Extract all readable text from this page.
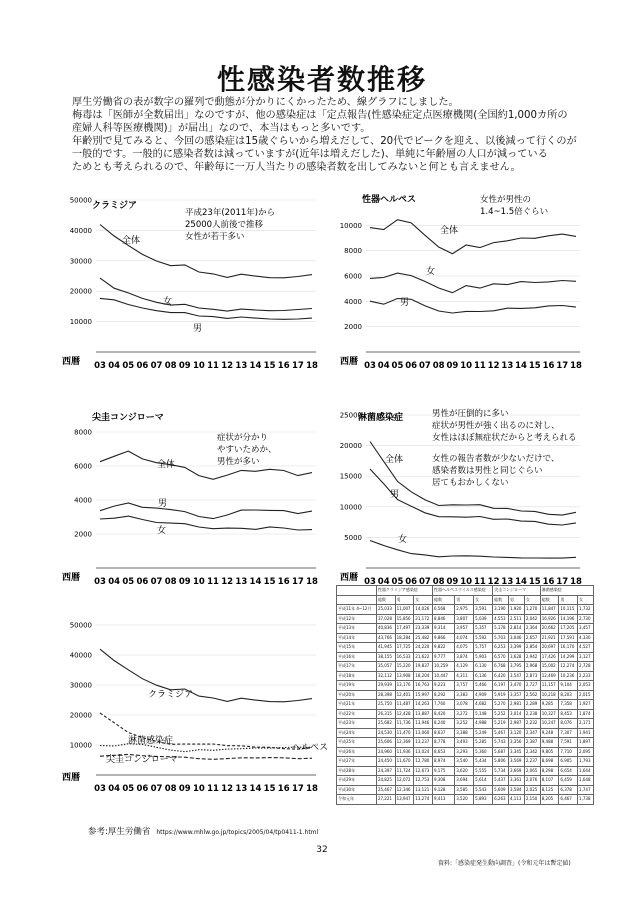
性感染者数推移

厚生労働省の表が数字の羅列で動態が分かりにくかったため、線グラフにしました。

梅毒は「医師が全数届出」なのですが、他の感染症は「定点報告(性感染症定点医療機関(全国約1,000カ所の

産婦人科等医療機関)」が届出」なので、本当はもっと多いです。

年齢別で見てみると、今回の感染症は15歳ぐらいから増えだして、20代でピークを迎え、以後減って行くのが

一般的です。一般的に感染者数は減っていますが(近年は増えだした)、単純に年齢層の人口が減っている

ためとも考えられるので、年齢毎に一万人当たりの感染者数を出してみないと何とも言えません。

10000
20000
30000
40000
50000
03 04 05 06 07 08 09 10 11 12 13 14 15 16 17 18
西暦
クラミジア
平成23年(2011年)から
25000人前後で推移
女性が若干多い
全体
女
男	2000
4000
6000
8000
10000
03 04 05 06 07 08 09 10 11 12 13 14 15 16 17 18
西暦
性器ヘルペス	女性が男性の
1.4~1.5倍ぐらい
全体
女
男
2000
4000
6000
8000
03 04 05 06 07 08 09 10 11 12 13 14 15 16 17 18
西暦
尖圭コンジローマ
症状が分かり
やすいためか、
男性が多い
全体
男
女
5000
10000
15000
20000
25000
03 04 05 06 07 08 09 10 11 12 13 14 15 16 17 18
西暦
淋菌感染症	男性が圧倒的に多い
症状が男性が強く出るのに対し、
女性はほぼ無症状だからと考えられる
女性の報告者数が少ないだけで、
感染者数は男性と同じぐらい
居てもおかしくない
全体
男
女
10000
20000
30000
40000
50000
03 04 05 06 07 08 09 10 11 12 13 14 15 16 17 18
西暦
クラミジア
淋菌感染症
ヘルペス
尖圭コンジローマ
	性器クラミジア感染症			性器ヘルペスウイルス感染症			尖圭コンジローマ			淋菌感染症		
	総数	男	女	総数	男	女	総数	男	女	総数	男	女
平成11年 4~12月	25,033	11,007	14,026	6,568	2,975	3,591	3,190	1,920	1,270	11,847	10,115	1,732
平成12年	37,028	15,856	21,172	8,846	3,807	5,039	4,553	2,511	2,042	16,926	14,196	2,730
平成13年	40,836	17,497	23,339	9,314	3,957	5,357	5,178	2,814	2,364	20,662	17,205	3,457
平成14年	43,766	18,284	25,482	9,866	4,074	5,592	5,703	3,046	2,657	21,921	17,591	4,330
平成15年	41,945	17,725	24,220	9,822	4,075	5,757	6,253	3,399	2,854	20,697	16,170	4,527
平成16年	38,155	16,533	21,622	9,777	3,874	5,903	6,570	3,628	2,942	17,426	14,299	3,127
平成17年	35,057	15,220	19,837	10,259	4,129	6,130	6,768	3,795	2,968	15,002	12,274	2,728
平成18年	32,112	13,908	18,204	10,447	4,311	6,136	6,420	3,547	2,873	12,469	10,236	2,233
平成19年	29,939	13,176	16,763	9,223	3,757	5,466	6,197	3,470	2,727	11,157	9,104	2,053
平成20年	28,398	12,401	15,997	8,292	3,383	4,909	5,919	3,357	2,562	10,218	8,203	2,015
平成21年	25,750	11,487	14,263	7,760	3,078	4,682	5,270	2,981	2,289	9,285	7,358	1,927
平成22年	26,315	12,428	13,887	8,420	3,272	5,148	5,252	3,014	2,238	10,327	8,453	1,874
平成23年	25,682	11,736	13,946	8,240	3,252	4,988	5,219	2,987	2,232	10,247	8,076	2,171
平成24年	24,530	11,470	13,060	8,637	3,388	5,249	5,467	3,120	2,347	9,248	7,307	1,941
平成25年	25,606	12,369	13,237	8,778	3,493	5,285	5,743	3,356	2,387	9,488	7,591	1,897
平成26年	24,960	11,936	13,024	8,653	3,293	5,360	5,687	3,345	2,342	9,805	7,710	2,095
平成27年	24,450	11,670	12,780	8,974	3,540	5,434	5,806	3,569	2,237	8,698	6,905	1,793
平成28年	24,397	11,724	12,673	9,175	3,620	5,555	5,734	3,669	2,065	8,298	6,654	1,644
平成29年	24,825	12,072	12,753	9,308	3,694	5,614	5,437	3,361	2,076	8,107	6,459	1,648
平成30年	25,467	12,346	13,121	9,128	3,585	5,543	5,609	3,584	2,025	8,125	6,378	1,747
令和元年	27,221	13,947	13,274	9,413	3,520	5,893	6,263	4,113	2,150	8,205	6,467	1,738
参考:厚生労働省 https://www.mhlw.go.jp/topics/2005/04/tp0411-1.html
32
資料:「感染症発生動向調査」(令和元年は暫定値)
